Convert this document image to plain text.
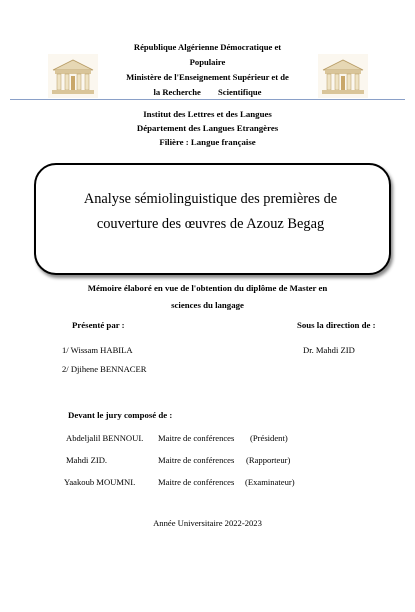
République Algérienne Démocratique et
Populaire
Ministère de l'Enseignement Supérieur et de
la Recherche        Scientifique
Institut des Lettres et des Langues
Département des Langues Etrangères
Filière : Langue française
Analyse sémiolinguistique des premières de
couverture des œuvres de Azouz Begag
Mémoire élaboré en vue de l'obtention du diplôme de Master en
sciences du langage
Présenté par :
1/ Wissam HABILA
2/ Djihene BENNACER
Sous la direction de :
Dr. Mahdi ZID
Devant le jury composé de :
Abdeljalil BENNOUI. Maitre de conférences (Président)
Mahdi ZID.	Maitre de conférences (Rapporteur)
Yaakoub MOUMNI.	Maitre de conférences (Examinateur)
Année Universitaire 2022-2023
